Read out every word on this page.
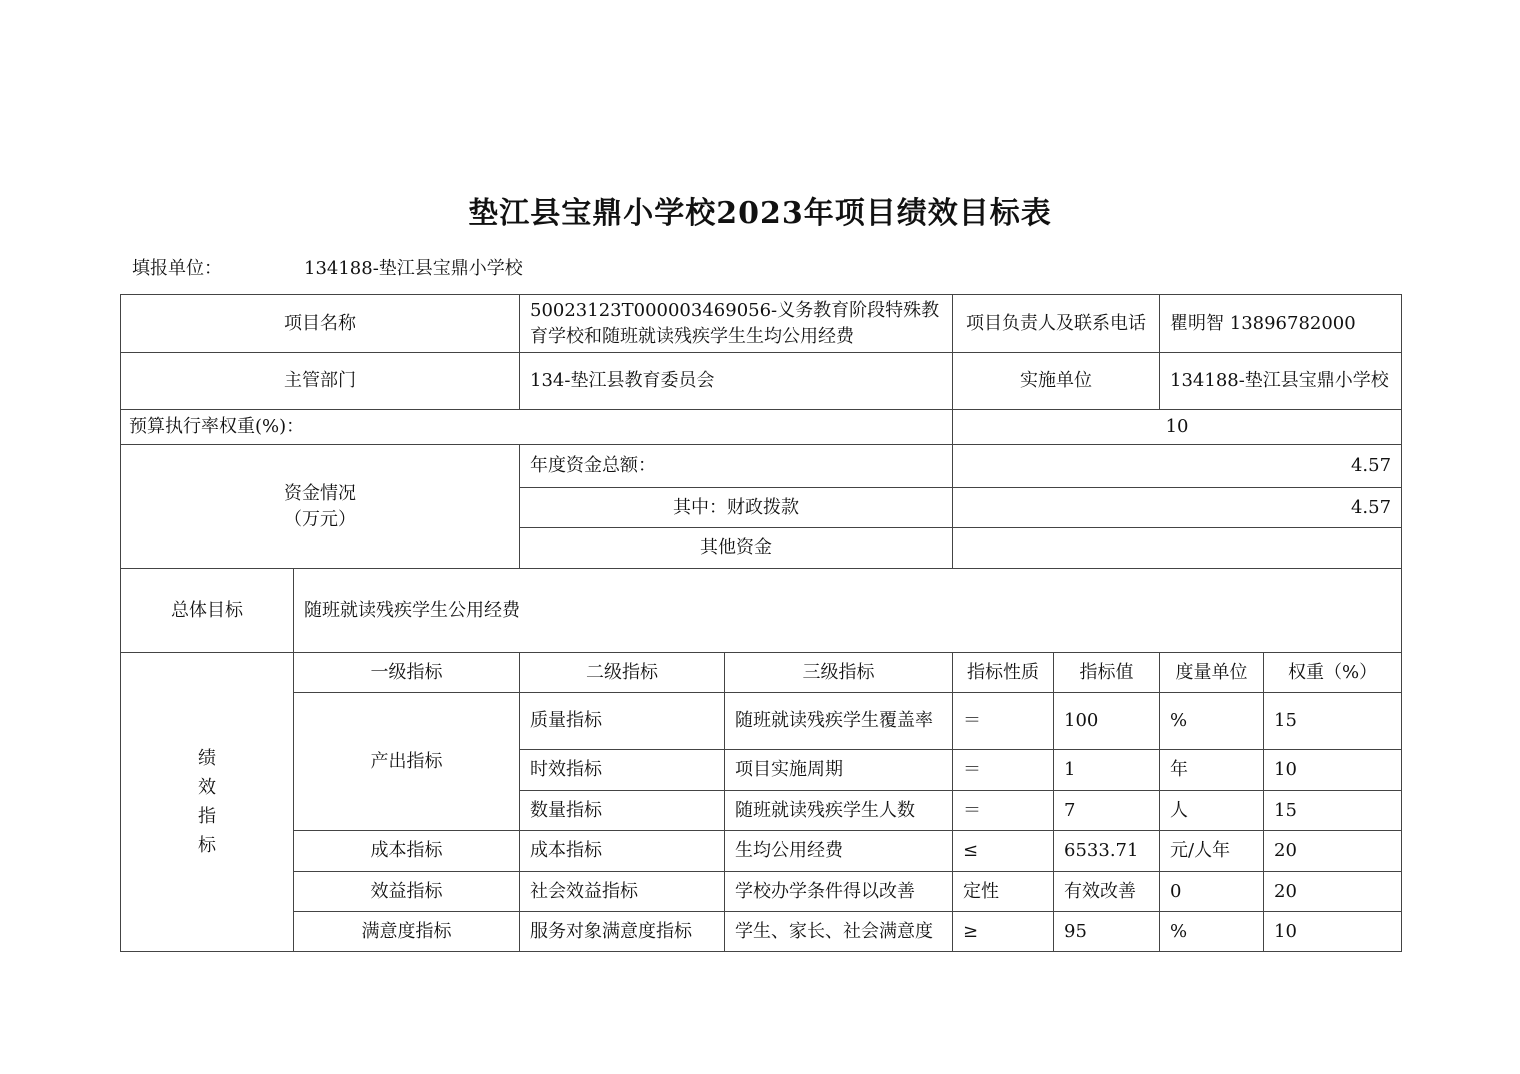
垫江县宝鼎小学校2023年项目绩效目标表
填报单位：	134188-垫江县宝鼎小学校
项目名称		50023123T000003469056-义务教育阶段特殊教育学校和随班就读残疾学生生均公用经费		项目负责人及联系电话		瞿明智 13896782000	
主管部门		134-垫江县教育委员会		实施单位		134188-垫江县宝鼎小学校	
预算执行率权重(%)：				10			

资金情况
（万元）		年度资金总额：		4.57			
		其中：财政拨款		4.57			
		其他资金					
总体目标	随班就读残疾学生公用经费						

绩
效
指
标	一级指标	二级指标	三级指标	指标性质	指标值	度量单位	权重（%）
	产出指标	质量指标	随班就读残疾学生覆盖率	＝	100	%	15
		时效指标	项目实施周期	＝	1	年	10
		数量指标	随班就读残疾学生人数	＝	7	人	15
	成本指标	成本指标	生均公用经费	≤	6533.71	元/人年	20
	效益指标	社会效益指标	学校办学条件得以改善	定性	有效改善	0	20
	满意度指标	服务对象满意度指标	学生、家长、社会满意度	≥	95	%	10
